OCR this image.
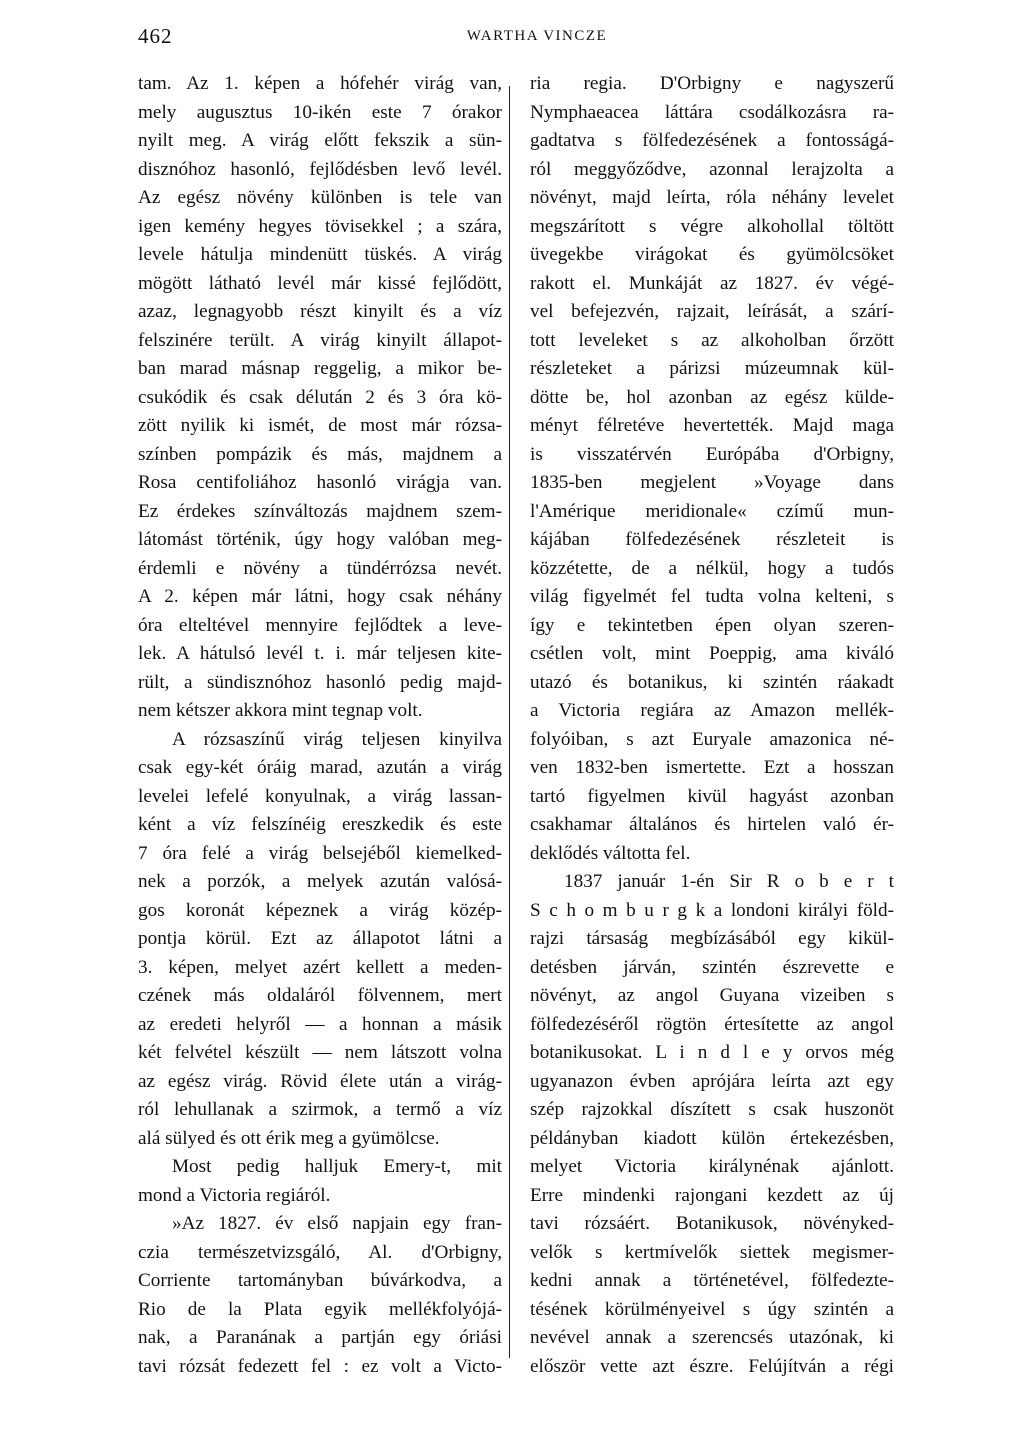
462	WARTHA VINCZE
tam. Az 1. képen a hófehér virág van,
mely augusztus 10-ikén este 7 órakor
nyilt meg. A virág előtt fekszik a sün-
disznóhoz hasonló, fejlődésben levő levél.
Az egész növény különben is tele van
igen kemény hegyes tövisekkel ; a szára,
levele hátulja mindenütt tüskés. A virág
mögött látható levél már kissé fejlődött,
azaz, legnagyobb részt kinyilt és a víz
felszinére terült. A virág kinyilt állapot-
ban marad másnap reggelig, a mikor be-
csukódik és csak délután 2 és 3 óra kö-
zött nyilik ki ismét, de most már rózsa-
színben pompázik és más, majdnem a
Rosa centifoliához hasonló virágja van.
Ez érdekes színváltozás majdnem szem-
látomást történik, úgy hogy valóban meg-
érdemli e növény a tündérrózsa nevét.
A 2. képen már látni, hogy csak néhány
óra elteltével mennyire fejlődtek a leve-
lek. A hátulsó levél t. i. már teljesen kite-
rült, a sündisznóhoz hasonló pedig majd-
nem kétszer akkora mint tegnap volt.
A rózsaszínű virág teljesen kinyilva
csak egy-két óráig marad, azután a virág
levelei lefelé konyulnak, a virág lassan-
ként a víz felszínéig ereszkedik és este
7 óra felé a virág belsejéből kiemelked-
nek a porzók, a melyek azután valósá-
gos koronát képeznek a virág közép-
pontja körül. Ezt az állapotot látni a
3. képen, melyet azért kellett a meden-
czének más oldaláról fölvennem, mert
az eredeti helyről — a honnan a másik
két felvétel készült — nem látszott volna
az egész virág. Rövid élete után a virág-
ról lehullanak a szirmok, a termő a víz
alá sülyed és ott érik meg a gyümölcse.
Most pedig halljuk Emery-t, mit
mond a Victoria regiáról.
»Az 1827. év első napjain egy fran-
czia természetvizsgáló, Al. d'Orbigny,
Corriente tartományban búvárkodva, a
Rio de la Plata egyik mellékfolyójá-
nak, a Paranának a partján egy óriási
tavi rózsát fedezett fel : ez volt a Victo-
ria regia. D'Orbigny e nagyszerű
Nymphaeacea láttára csodálkozásra ra-
gadtatva s fölfedezésének a fontosságá-
ról meggyőződve, azonnal lerajzolta a
növényt, majd leírta, róla néhány levelet
megszárított s végre alkohollal töltött
üvegekbe virágokat és gyümölcsöket
rakott el. Munkáját az 1827. év végé-
vel befejezvén, rajzait, leírását, a szárí-
tott leveleket s az alkoholban őrzött
részleteket a párizsi múzeumnak kül-
dötte be, hol azonban az egész külde-
ményt félretéve hevertették. Majd maga
is visszatérvén Európába d'Orbigny,
1835-ben megjelent »Voyage dans
l'Amérique meridionale« czímű mun-
kájában fölfedezésének részleteit is
közzétette, de a nélkül, hogy a tudós
világ figyelmét fel tudta volna kelteni, s
így e tekintetben épen olyan szeren-
csétlen volt, mint Poeppig, ama kiváló
utazó és botanikus, ki szintén ráakadt
a Victoria regiára az Amazon mellék-
folyóiban, s azt Euryale amazonica né-
ven 1832-ben ismertette. Ezt a hosszan
tartó figyelmen kivül hagyást azonban
csakhamar általános és hirtelen való ér-
deklődés váltotta fel.
1837 január 1-én Sir R o b e r t
S c h o m b u r g k a londoni királyi föld-
rajzi társaság megbízásából egy kikül-
detésben járván, szintén észrevette e
növényt, az angol Guyana vizeiben s
fölfedezéséről rögtön értesítette az angol
botanikusokat. L i n d l e y orvos még
ugyanazon évben aprójára leírta azt egy
szép rajzokkal díszített s csak huszonöt
példányban kiadott külön értekezésben,
melyet Victoria királynénak ajánlott.
Erre mindenki rajongani kezdett az új
tavi rózsáért. Botanikusok, növényked-
velők s kertmívelők siettek megismer-
kedni annak a történetével, fölfedezte-
tésének körülményeivel s úgy szintén a
nevével annak a szerencsés utazónak, ki
először vette azt észre. Felújítván a régi
